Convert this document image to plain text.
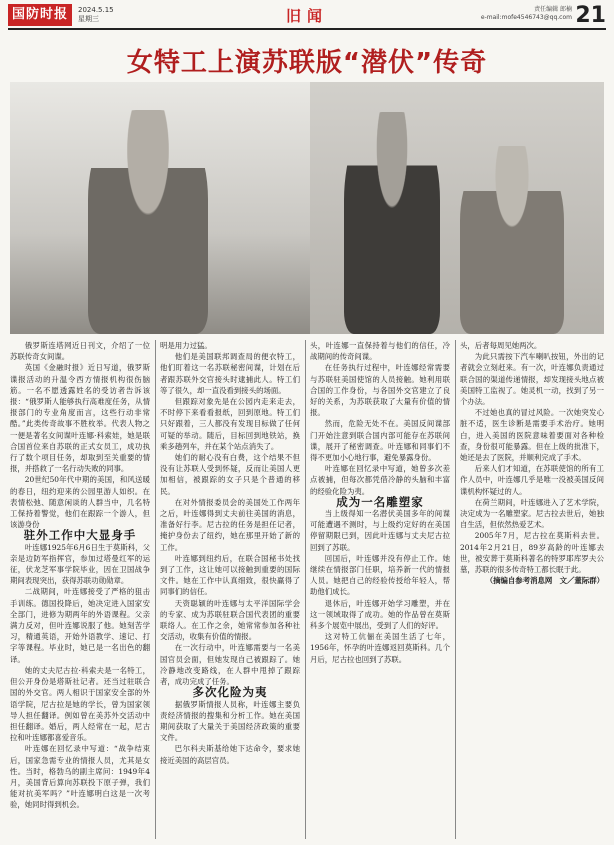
国防时报	2024.5.15
星期三	旧闻	责任编辑 郎楠
e-mail:mofe4546743@qq.com 21
女特工上演苏联版“潜伏”传奇

俄罗斯连塔网近日刊文，介绍了一位苏联传奇女间谍。

英国《金融时报》近日写道，俄罗斯谍报活动的升温令西方情报机构很伤脑筋。一名不愿透露姓名的受访者告诉该报：“俄罗斯人能够执行高难度任务，从情报部门的专业角度而言，这些行动非常酷。”此类传奇故事不胜枚举。代表人物之一便是著名女间谍叶连娜·科索娃，她是联合国首位来自苏联的正式女员工，成功执行了数个项目任务，却取到至关重要的情报，并搭救了一名行动失败的同事。

20世纪50年代中期的美国，和风送暖的春日，纽约迎来的公园里游人如织。在表情松弛、随意闲谈的人群当中，几名特工保持着警觉，他们在跟踪一个游人，但该游身份

驻外工作中大显身手

叶连娜1925年6月6日生于莫斯科，父亲是边防军指挥官，参加过塔曼红军的运征，伏龙芝军事学院毕业，因在卫国战争期间表现突出，获得苏联功勋勋章。

二战期间，叶连娜接受了严格的狙击手训练。德国投降后，她决定进入国家安全部门，进修为期两年的外语课程。父亲满力反对，但叶连娜说服了他。她刻苦学习，精通英语，开始外语教学、速记、打字等课程。毕业时，她已是一名出色的翻译。

她的丈夫尼古拉·科索夫是一名特工，但公开身份是塔斯社记者。还当过驻联合国的外交官。两人相识于国家安全部的外语学院，尼古拉是她的学长，曾为国家领导人担任翻译。例如曾在美苏外交活动中担任翻译。婚后，两人经常在一起，尼古拉和叶连娜都喜爱音乐。

叶连娜在回忆录中写道：“战争结束后，国家急需专业的情报人员，尤其是女性。当时，格勃乌的副主席问：1949年4月，美国背后算向苏联投下原子弹，我们能对抗美军吗？”叶连娜明白这是一次考验，她同时得到机会。

明是用力过猛。

他们是美国联邦调查局的便衣特工，他们盯着这一名苏联秘密间谍，计划在后者跟苏联外交官接头时逮捕此人。特工们等了很久，却一直没看到接头的场面。

但跟踪对象先是在公园内走来走去，不时停下来看看报纸，回到原地。特工们只好跟着，三人都没有发现目标做了任何可疑的举动。随后，目标回到地铁站，换乘多趟列车，并在某个站点消失了。

她们的耐心没有白费，这个结果不但没有让苏联人受到怀疑，反而让美国人更加相信，被跟踪的女子只是个普通的移民。

在对外情报委员会的美国处工作两年之后，叶连娜得到丈夫前往美国的消息，准备好行李。尼古拉的任务是担任记者，掩护身份去了纽约，她在那里开始了新的工作。

叶连娜到纽约后，在联合国秘书处找到了工作，这让她可以接触到重要的国际文件。她在工作中认真细致，很快赢得了同事们的信任。

天资聪颖的叶连娜与太平洋国际学会的专家、成为苏联驻联合国代表团的重要联络人。在工作之余，她常常参加各种社交活动，收集有价值的情报。

在一次行动中，叶连娜需要与一名美国官员会面，但她发现自己被跟踪了。她冷静地改变路线，在人群中甩掉了跟踪者，成功完成了任务。

多次化险为夷

据俄罗斯情报人员称，叶连娜主要负责经济情报的搜集和分析工作。她在美国期间获取了大量关于美国经济政策的重要文件。

巴尔科夫斯基给她下达命令，要求她接近美国的高层官员。

头，叶连娜一直保持着与他们的信任，冷战期间的传奇间谍。

在任务执行过程中，叶连娜经常需要与苏联驻美国使馆的人员接触。她利用联合国的工作身份，与各国外交官建立了良好的关系，为苏联获取了大量有价值的情报。

然而，危险无处不在。美国反间谍部门开始注意到联合国内部可能存在苏联间谍，展开了秘密调查。叶连娜和同事们不得不更加小心地行事，避免暴露身份。

叶连娜在回忆录中写道，她曾多次差点被捕，但每次都凭借冷静的头脑和丰富的经验化险为夷。

成为一名雕塑家

当上级得知一名潜伏美国多年的间谍可能遭遇不测时，与上级约定好的在美国停留期限已到，因此叶连娜与丈夫尼古拉回到了苏联。

回国后，叶连娜并没有停止工作。她继续在情报部门任职，培养新一代的情报人员。她把自己的经验传授给年轻人，帮助他们成长。

退休后，叶连娜开始学习雕塑，并在这一领域取得了成功。她的作品曾在莫斯科多个展览中展出，受到了人们的好评。

这对特工伉俪在美国生活了七年，1956年，怀孕的叶连娜返回莫斯科。几个月后，尼古拉也回到了苏联。

头，后者每周见她两次。

为此只需按下汽车喇叭按钮，外出的记者就会立刻赶来。有一次，叶连娜负责通过联合国的渠道传递情报，却发现接头地点被美国特工监视了。她灵机一动，找到了另一个办法。

不过她也真的冒过风险。一次她突发心脏不适，医生诊断是需要手术治疗。她明白，进入美国的医院意味着要面对各种检查，身份很可能暴露。但在上级的批准下，她还是去了医院，并顺利完成了手术。

后来人们才知道，在苏联使馆的所有工作人员中，叶连娜几乎是唯一没被美国反间谍机构怀疑过的人。

在荷兰期间，叶连娜进入了艺术学院，决定成为一名雕塑家。尼古拉去世后，她独自生活，但依然热爱艺术。

2005年7月，尼古拉在莫斯科去世。2014年2月21日，89岁高龄的叶连娜去世，被安葬于莫斯科著名的特罗耶库罗夫公墓，苏联的很多传奇特工都长眠于此。

（摘编自参考消息网　文／董际群）
